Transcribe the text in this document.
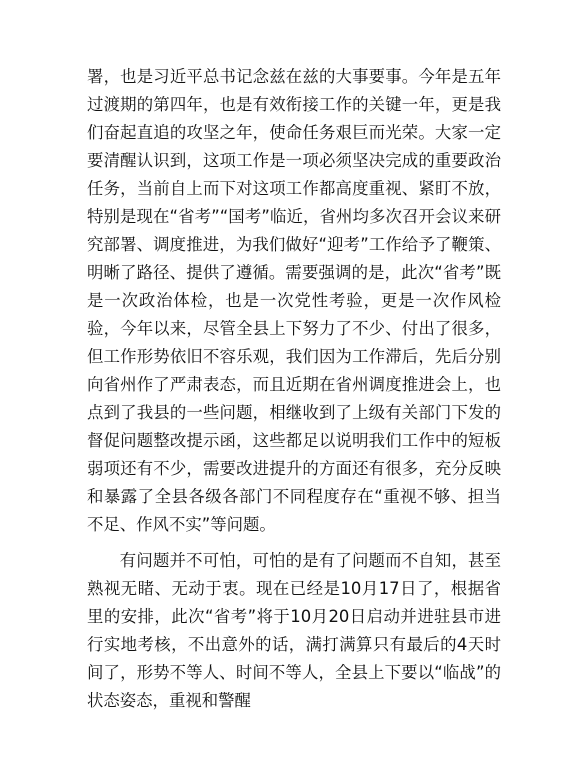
署，也是习近平总书记念兹在兹的大事要事。今年是五年过渡期的第四年，也是有效衔接工作的关键一年，更是我们奋起直追的攻坚之年，使命任务艰巨而光荣。大家一定要清醒认识到，这项工作是一项必须坚决完成的重要政治任务，当前自上而下对这项工作都高度重视、紧盯不放，特别是现在“省考”“国考”临近，省州均多次召开会议来研究部署、调度推进，为我们做好“迎考”工作给予了鞭策、明晰了路径、提供了遵循。需要强调的是，此次“省考”既是一次政治体检，也是一次党性考验，更是一次作风检验，今年以来，尽管全县上下努力了不少、付出了很多，但工作形势依旧不容乐观，我们因为工作滞后，先后分别向省州作了严肃表态，而且近期在省州调度推进会上，也点到了我县的一些问题，相继收到了上级有关部门下发的督促问题整改提示函，这些都足以说明我们工作中的短板弱项还有不少，需要改进提升的方面还有很多，充分反映和暴露了全县各级各部门不同程度存在“重视不够、担当不足、作风不实”等问题。

有问题并不可怕，可怕的是有了问题而不自知，甚至熟视无睹、无动于衷。现在已经是10月17日了，根据省里的安排，此次“省考”将于10月20日启动并进驻县市进行实地考核，不出意外的话，满打满算只有最后的4天时间了，形势不等人、时间不等人，全县上下要以“临战”的状态姿态，重视和警醒
